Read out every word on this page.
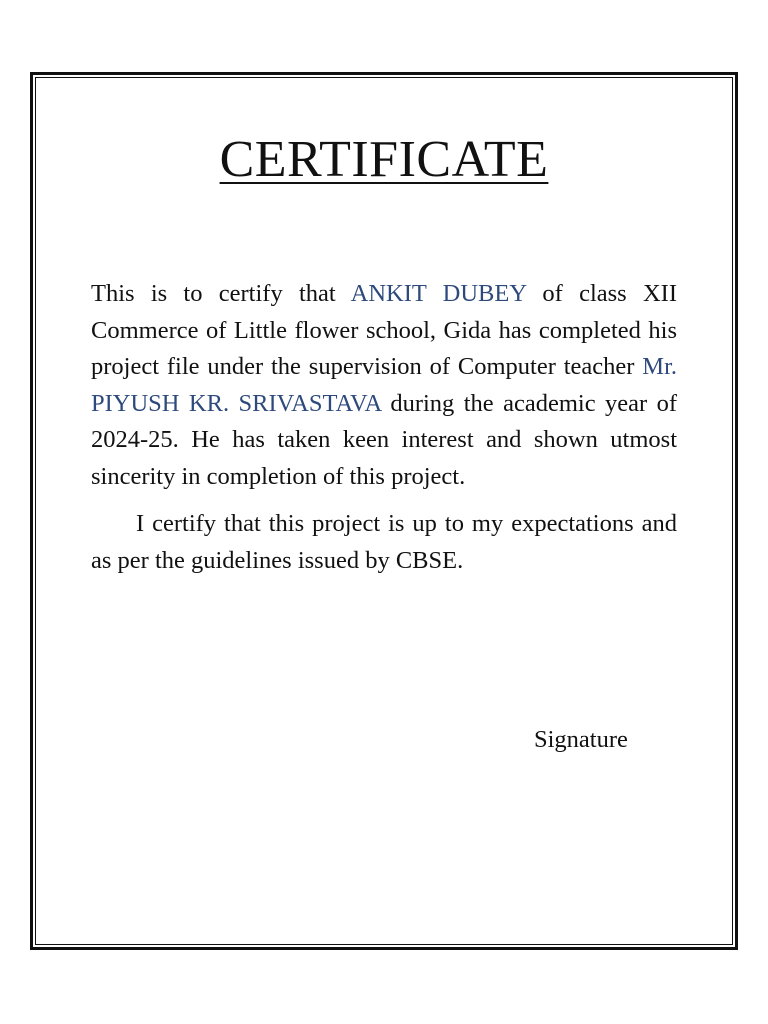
CERTIFICATE

This is to certify that ANKIT DUBEY of class XII Commerce of Little flower school, Gida has completed his project file under the supervision of Computer teacher Mr. PIYUSH KR. SRIVASTAVA during the academic year of 2024-25. He has taken keen interest and shown utmost sincerity in completion of this project.

I certify that this project is up to my expectations and as per the guidelines issued by CBSE.

Signature
